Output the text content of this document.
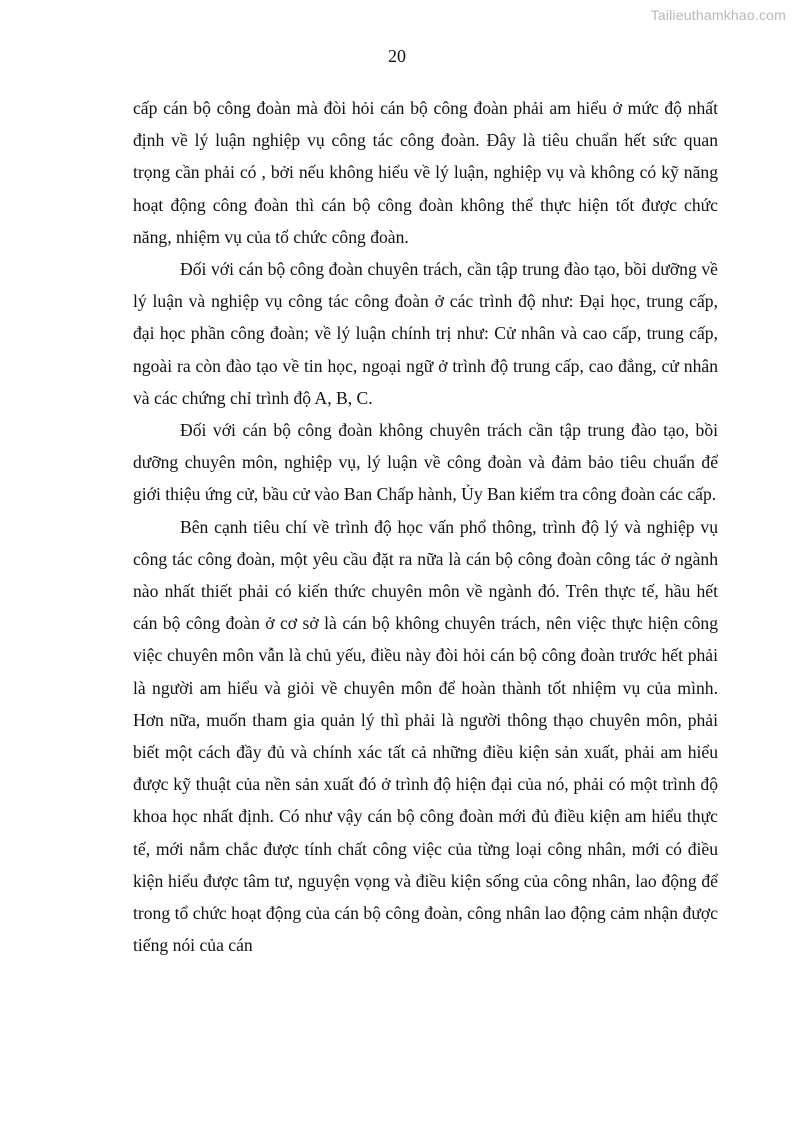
Tailieuthamkhao.com
20

cấp cán bộ công đoàn mà đòi hỏi cán bộ công đoàn phải am hiểu ở mức độ nhất định về lý luận nghiệp vụ công tác công đoàn. Đây là tiêu chuẩn hết sức quan trọng cần phải có , bởi nếu không hiểu về lý luận, nghiệp vụ và không có kỹ năng hoạt động công đoàn thì cán bộ công đoàn không thể thực hiện tốt được chức năng, nhiệm vụ của tổ chức công đoàn.

Đối với cán bộ công đoàn chuyên trách, cần tập trung đào tạo, bồi dưỡng về lý luận và nghiệp vụ công tác công đoàn ở các trình độ như: Đại học, trung cấp, đại học phần công đoàn; về lý luận chính trị như: Cử nhân và cao cấp, trung cấp, ngoài ra còn đào tạo về tin học, ngoại ngữ ở trình độ trung cấp, cao đẳng, cử nhân và các chứng chỉ trình độ A, B, C.

Đối với cán bộ công đoàn không chuyên trách cần tập trung đào tạo, bồi dưỡng chuyên môn, nghiệp vụ, lý luận về công đoàn và đảm bảo tiêu chuẩn để giới thiệu ứng cử, bầu cử vào Ban Chấp hành, Ủy Ban kiểm tra công đoàn các cấp.

Bên cạnh tiêu chí về trình độ học vấn phổ thông, trình độ lý và nghiệp vụ công tác công đoàn, một yêu cầu đặt ra nữa là cán bộ công đoàn công tác ở ngành nào nhất thiết phải có kiến thức chuyên môn về ngành đó. Trên thực tế, hầu hết cán bộ công đoàn ở cơ sở là cán bộ không chuyên trách, nên việc thực hiện công việc chuyên môn vẫn là chủ yếu, điều này đòi hỏi cán bộ công đoàn trước hết phải là người am hiểu và giỏi về chuyên môn để hoàn thành tốt nhiệm vụ của mình. Hơn nữa, muốn tham gia quản lý thì phải là người thông thạo chuyên môn, phải biết một cách đầy đủ và chính xác tất cả những điều kiện sản xuất, phải am hiểu được kỹ thuật của nền sản xuất đó ở trình độ hiện đại của nó, phải có một trình độ khoa học nhất định. Có như vậy cán bộ công đoàn mới đủ điều kiện am hiểu thực tế, mới nắm chắc được tính chất công việc của từng loại công nhân, mới có điều kiện hiểu được tâm tư, nguyện vọng và điều kiện sống của công nhân, lao động để trong tổ chức hoạt động của cán bộ công đoàn, công nhân lao động cảm nhận được tiếng nói của cán
